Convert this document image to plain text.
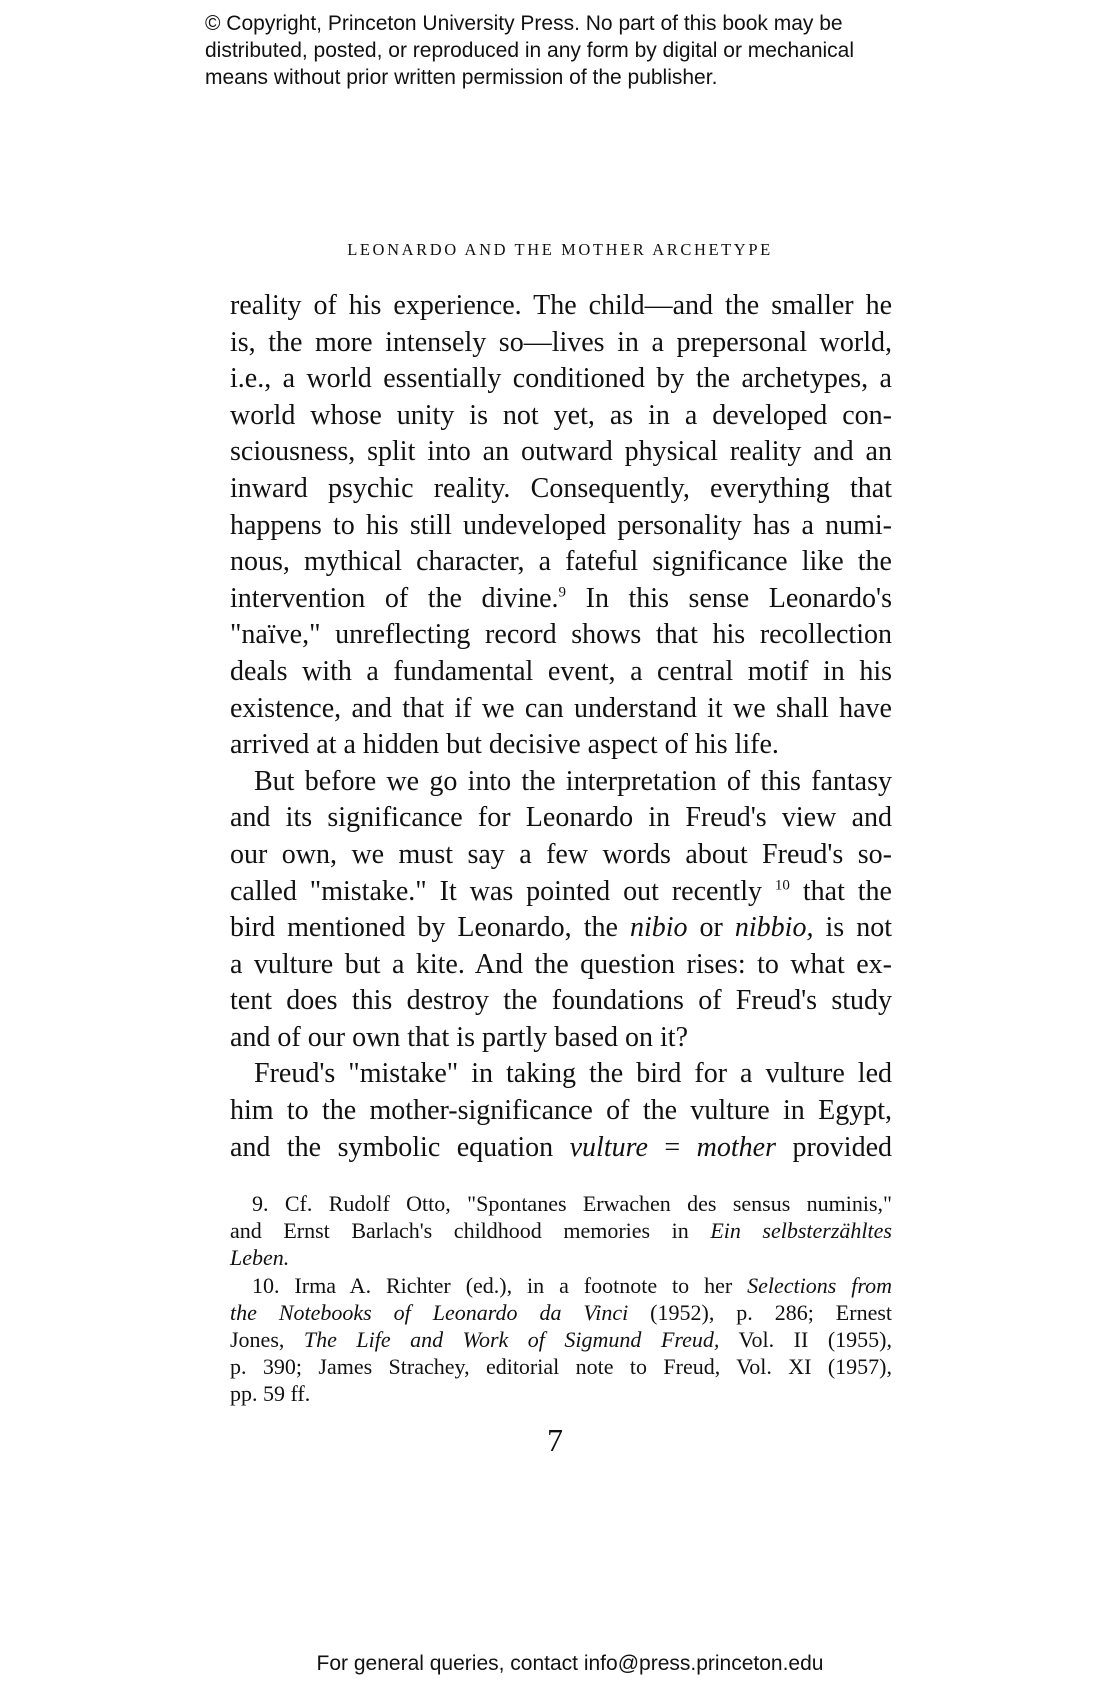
© Copyright, Princeton University Press. No part of this book may be
distributed, posted, or reproduced in any form by digital or mechanical
means without prior written permission of the publisher.
LEONARDO AND THE MOTHER ARCHETYPE
reality of his experience. The child—and the smaller he
is, the more intensely so—lives in a prepersonal world,
i.e., a world essentially conditioned by the archetypes, a
world whose unity is not yet, as in a developed con-
sciousness, split into an outward physical reality and an
inward psychic reality. Consequently, everything that
happens to his still undeveloped personality has a numi-
nous, mythical character, a fateful significance like the
intervention of the divine.$^9$ In this sense Leonardo's
"naïve," unreflecting record shows that his recollection
deals with a fundamental event, a central motif in his
existence, and that if we can understand it we shall have
arrived at a hidden but decisive aspect of his life.
But before we go into the interpretation of this fantasy
and its significance for Leonardo in Freud's view and
our own, we must say a few words about Freud's so-
called "mistake." It was pointed out recently $^{10}$ that the
bird mentioned by Leonardo, the nibio or nibbio, is not
a vulture but a kite. And the question rises: to what ex-
tent does this destroy the foundations of Freud's study
and of our own that is partly based on it?
Freud's "mistake" in taking the bird for a vulture led
him to the mother-significance of the vulture in Egypt,
and the symbolic equation vulture = mother provided
9. Cf. Rudolf Otto, "Spontanes Erwachen des sensus numinis,"
and Ernst Barlach's childhood memories in Ein selbsterzähltes
Leben.
10. Irma A. Richter (ed.), in a footnote to her Selections from
the Notebooks of Leonardo da Vinci (1952), p. 286; Ernest
Jones, The Life and Work of Sigmund Freud, Vol. II (1955),
p. 390; James Strachey, editorial note to Freud, Vol. XI (1957),
pp. 59 ff.
7
For general queries, contact info@press.princeton.edu
